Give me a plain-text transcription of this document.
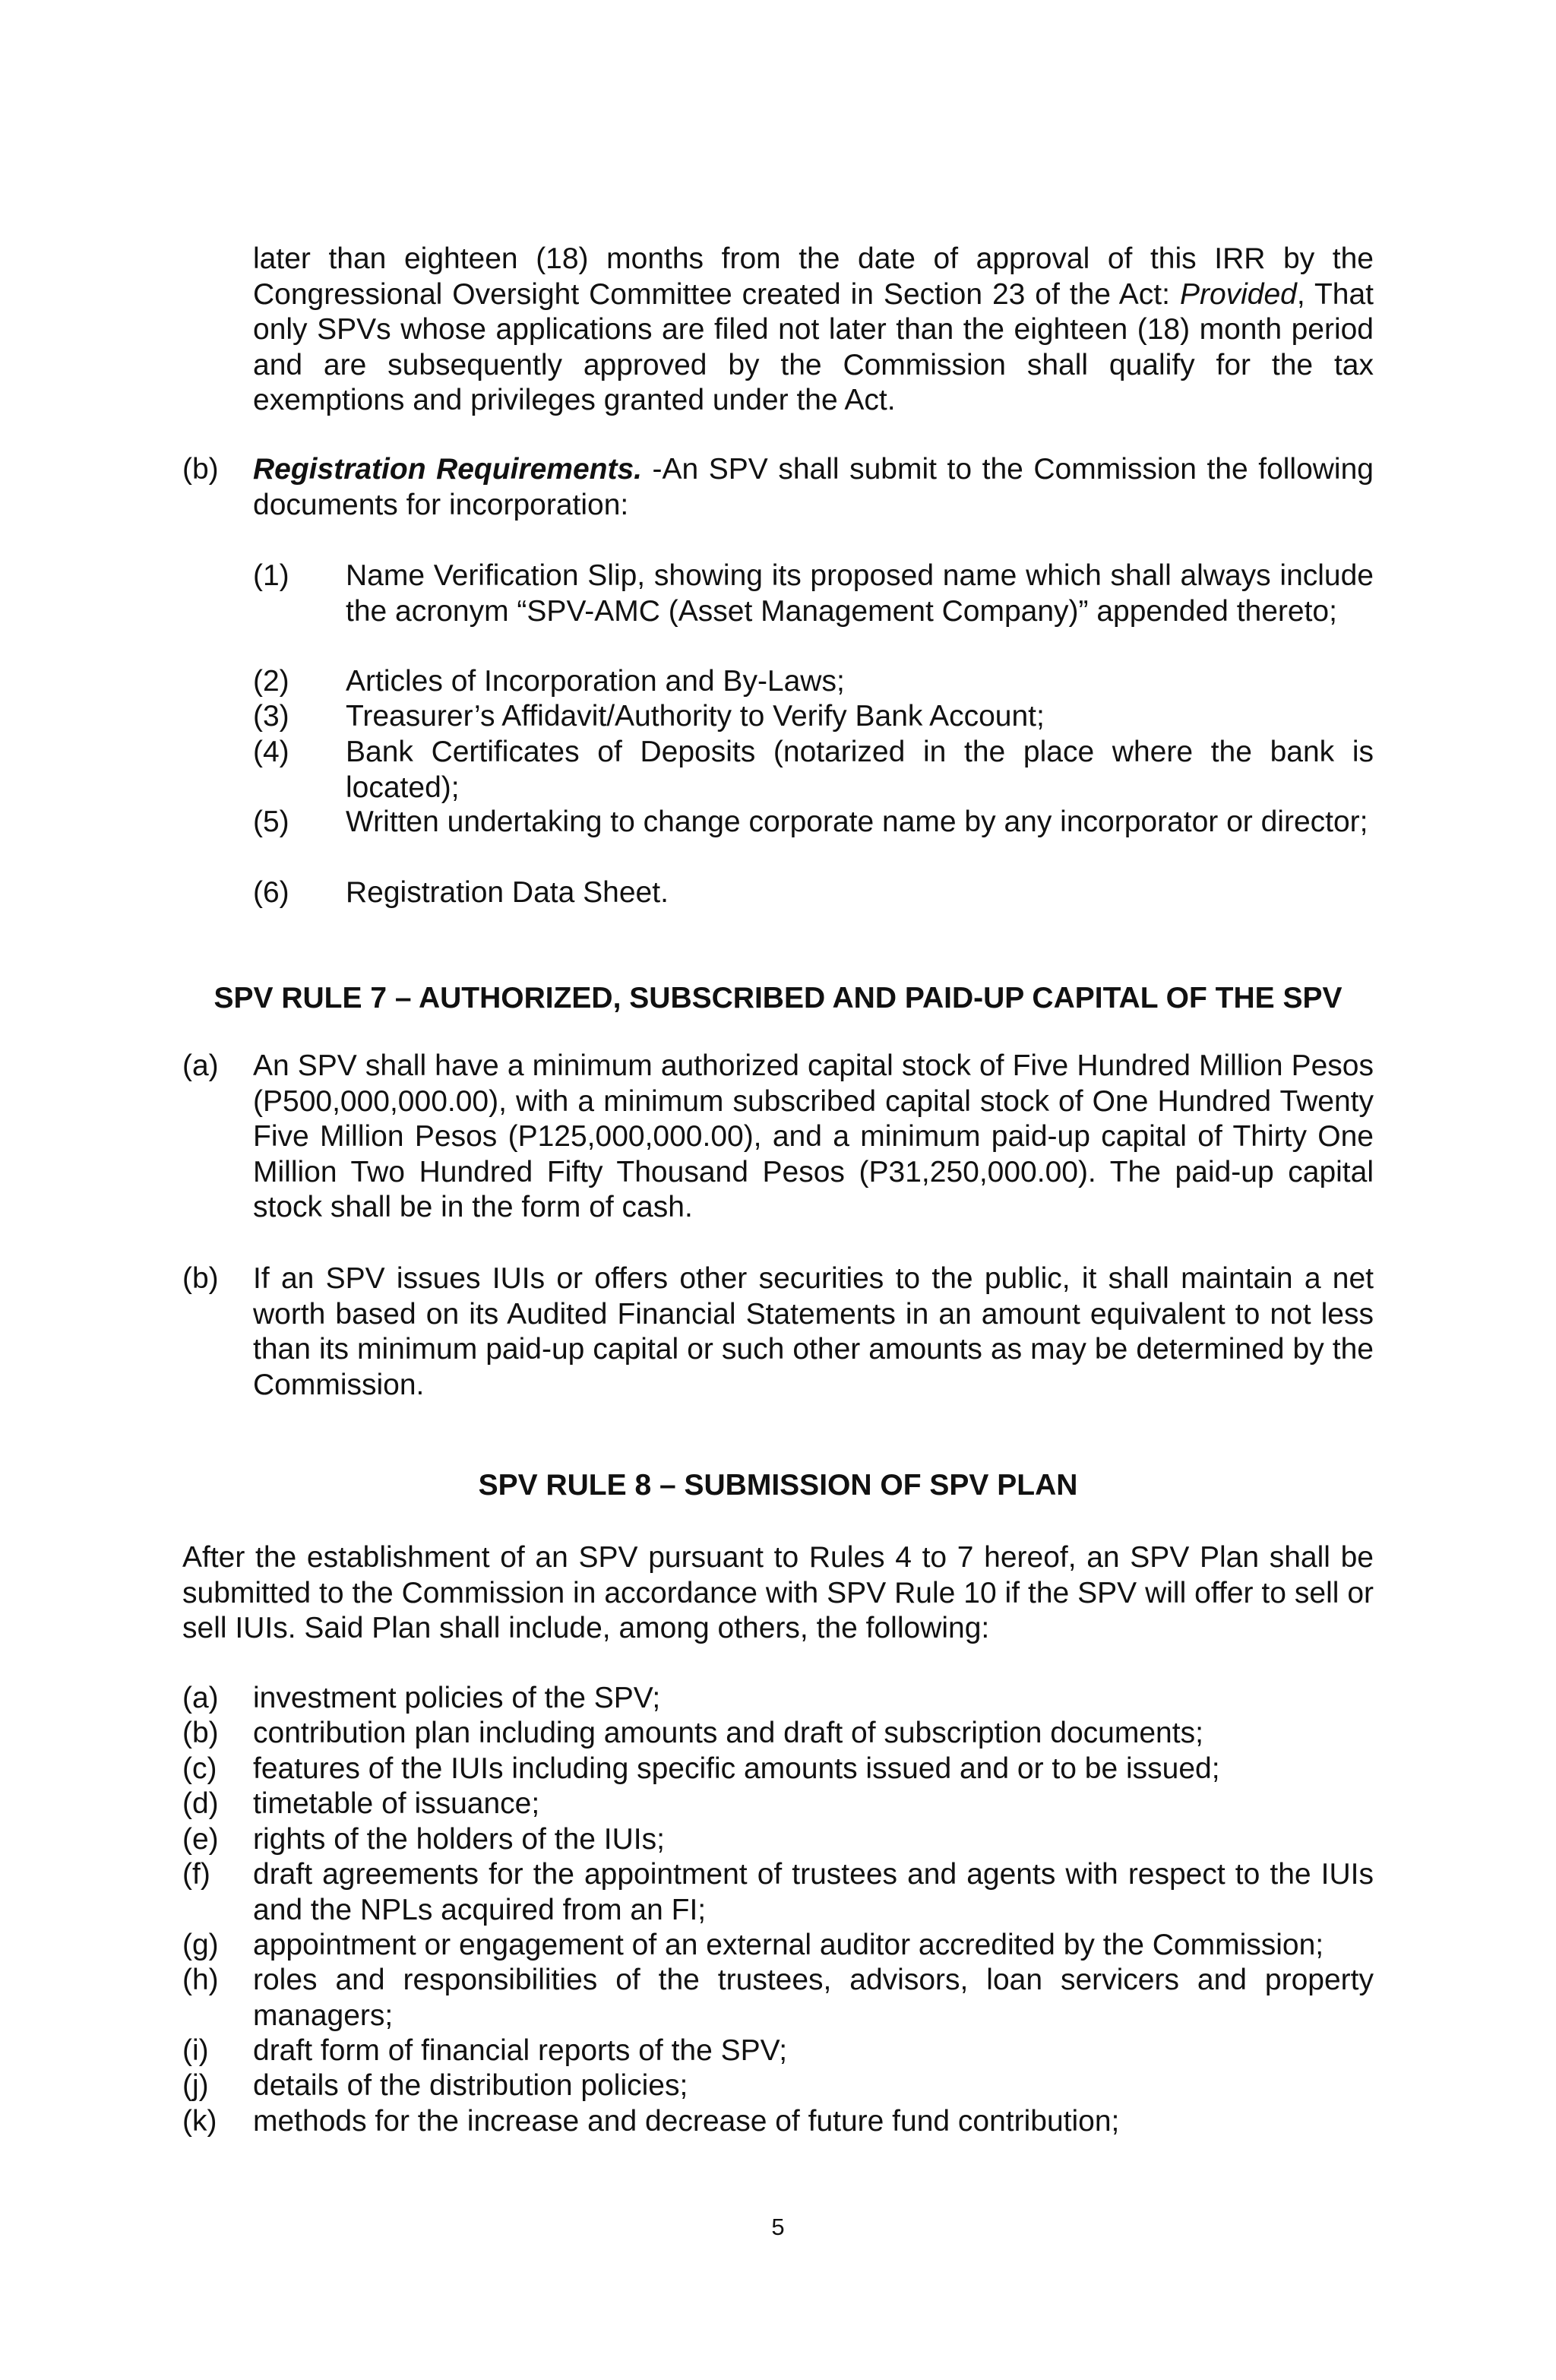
later than eighteen (18) months from the date of approval of this IRR by the Congressional Oversight Committee created in Section 23 of the Act: Provided, That only SPVs whose applications are filed not later than the eighteen (18) month period and are subsequently approved by the Commission shall qualify for the tax exemptions and privileges granted under the Act.

(b)	Registration Requirements. -An SPV shall submit to the Commission the following documents for incorporation:
(1)	Name Verification Slip, showing its proposed name which shall always include the acronym “SPV-AMC (Asset Management Company)” appended thereto;
(2)	Articles of Incorporation and By-Laws;
(3)	Treasurer’s Affidavit/Authority to Verify Bank Account;
(4)	Bank Certificates of Deposits (notarized in the place where the bank is located);
(5)	Written undertaking to change corporate name by any incorporator or director;
(6)	Registration Data Sheet.
SPV RULE 7 – AUTHORIZED, SUBSCRIBED AND PAID-UP CAPITAL OF THE SPV
(a)	An SPV shall have a minimum authorized capital stock of Five Hundred Million Pesos (P500,000,000.00), with a minimum subscribed capital stock of One Hundred Twenty Five Million Pesos (P125,000,000.00), and a minimum paid-up capital of Thirty One Million Two Hundred Fifty Thousand Pesos (P31,250,000.00). The paid-up capital stock shall be in the form of cash.
(b)	If an SPV issues IUIs or offers other securities to the public, it shall maintain a net worth based on its Audited Financial Statements in an amount equivalent to not less than its minimum paid-up capital or such other amounts as may be determined by the Commission.
SPV RULE 8 – SUBMISSION OF SPV PLAN
After the establishment of an SPV pursuant to Rules 4 to 7 hereof, an SPV Plan shall be submitted to the Commission in accordance with SPV Rule 10 if the SPV will offer to sell or sell IUIs. Said Plan shall include, among others, the following:
(a)	investment policies of the SPV;
(b)	contribution plan including amounts and draft of subscription documents;
(c)	features of the IUIs including specific amounts issued and or to be issued;
(d)	timetable of issuance;
(e)	rights of the holders of the IUIs;
(f)	draft agreements for the appointment of trustees and agents with respect to the IUIs and the NPLs acquired from an FI;
(g)	appointment or engagement of an external auditor accredited by the Commission;
(h)	roles and responsibilities of the trustees, advisors, loan servicers and property managers;
(i)	draft form of financial reports of the SPV;
(j)	details of the distribution policies;
(k)	methods for the increase and decrease of future fund contribution;
5
